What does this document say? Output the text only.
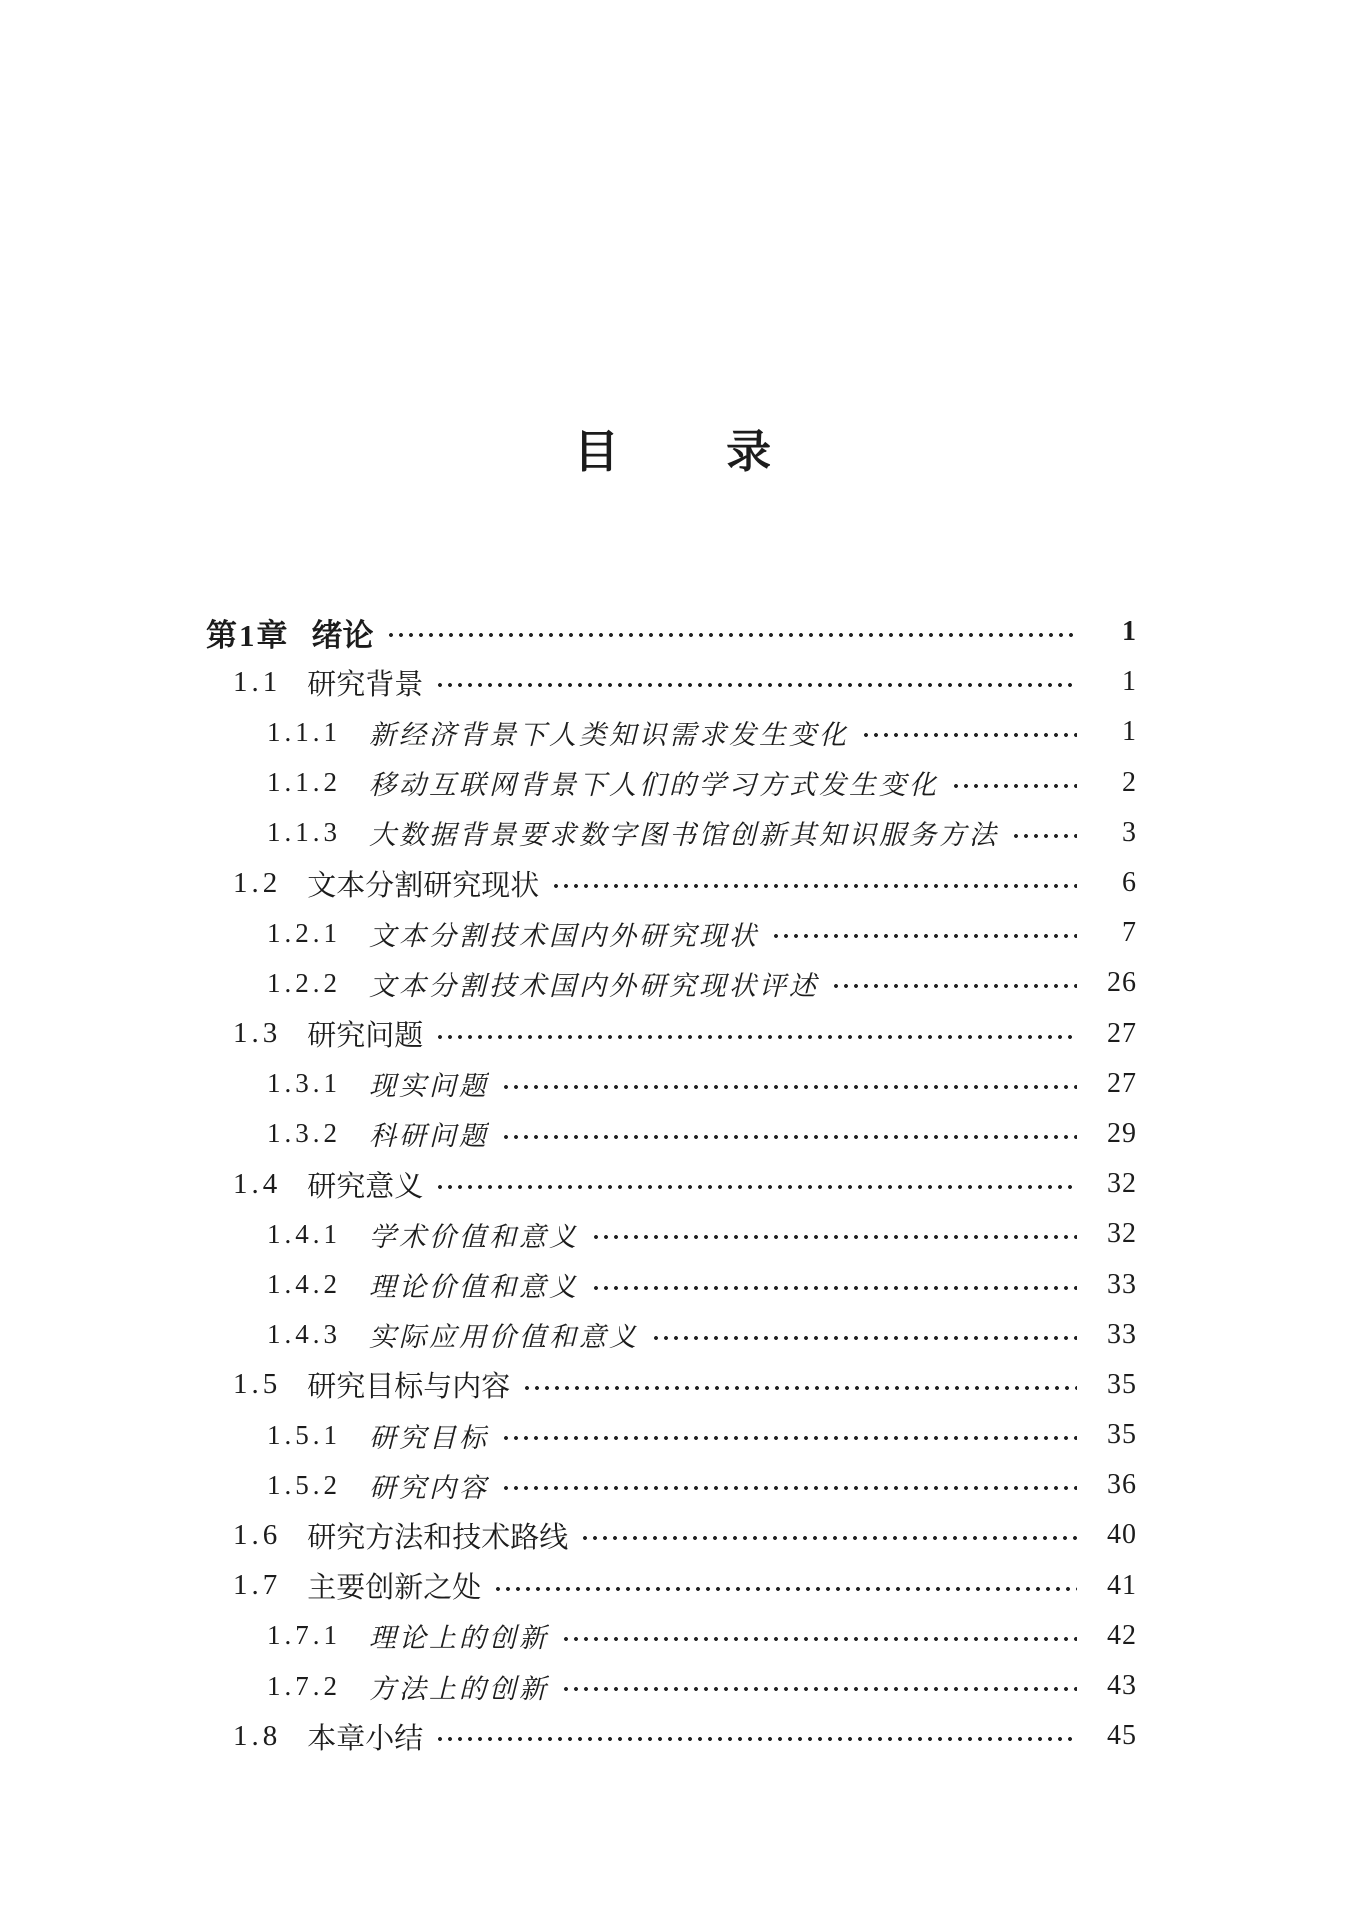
目 录
第1章 绪论	1
1.1 研究背景	1
1.1.1 新经济背景下人类知识需求发生变化	1
1.1.2 移动互联网背景下人们的学习方式发生变化	2
1.1.3 大数据背景要求数字图书馆创新其知识服务方法	3
1.2 文本分割研究现状	6
1.2.1 文本分割技术国内外研究现状	7
1.2.2 文本分割技术国内外研究现状评述	26
1.3 研究问题	27
1.3.1 现实问题	27
1.3.2 科研问题	29
1.4 研究意义	32
1.4.1 学术价值和意义	32
1.4.2 理论价值和意义	33
1.4.3 实际应用价值和意义	33
1.5 研究目标与内容	35
1.5.1 研究目标	35
1.5.2 研究内容	36
1.6 研究方法和技术路线	40
1.7 主要创新之处	41
1.7.1 理论上的创新	42
1.7.2 方法上的创新	43
1.8 本章小结	45
